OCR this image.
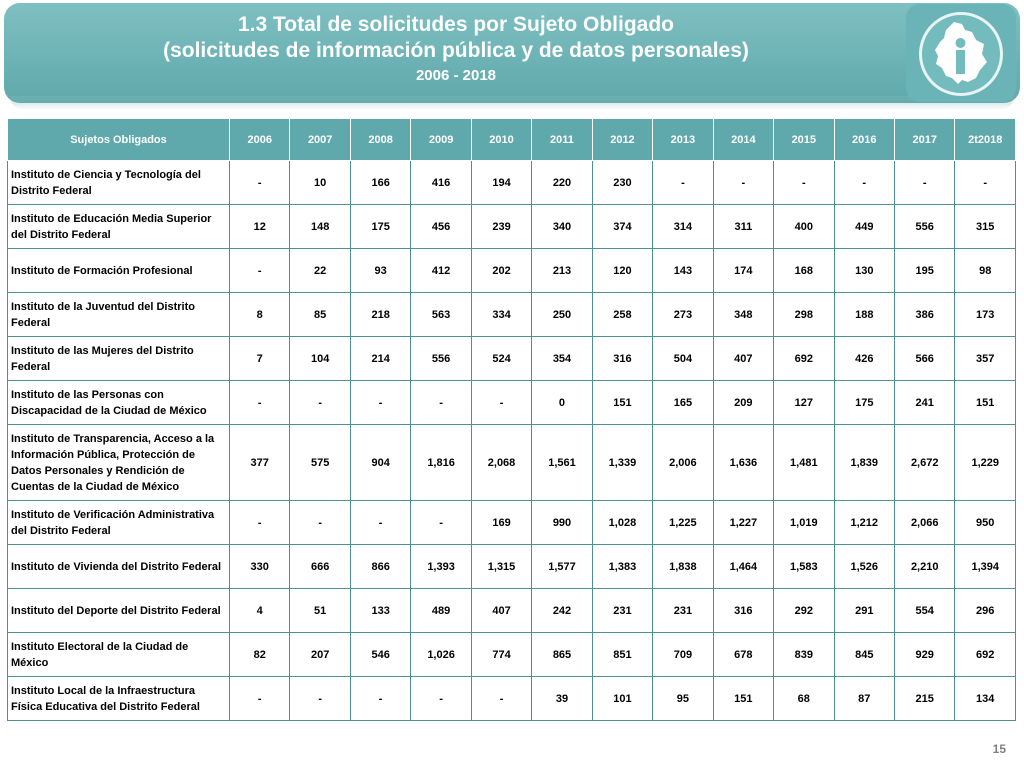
1.3 Total de solicitudes por Sujeto Obligado
(solicitudes de información pública y de datos personales)
2006 - 2018
Sujetos Obligados	2006	2007	2008	2009	2010	2011	2012	2013	2014	2015	2016	2017	2t2018
Instituto de Ciencia y Tecnología del Distrito Federal	-	10	166	416	194	220	230	-	-	-	-	-	-
Instituto de Educación Media Superior del Distrito Federal	12	148	175	456	239	340	374	314	311	400	449	556	315
Instituto de Formación Profesional	-	22	93	412	202	213	120	143	174	168	130	195	98
Instituto de la Juventud del Distrito Federal	8	85	218	563	334	250	258	273	348	298	188	386	173
Instituto de las Mujeres del Distrito Federal	7	104	214	556	524	354	316	504	407	692	426	566	357
Instituto de las Personas con Discapacidad de la Ciudad de México	-	-	-	-	-	0	151	165	209	127	175	241	151
Instituto de Transparencia, Acceso a la Información Pública, Protección de Datos Personales y Rendición de Cuentas de la Ciudad de México	377	575	904	1,816	2,068	1,561	1,339	2,006	1,636	1,481	1,839	2,672	1,229
Instituto de Verificación Administrativa del Distrito Federal	-	-	-	-	169	990	1,028	1,225	1,227	1,019	1,212	2,066	950
Instituto de Vivienda del Distrito Federal	330	666	866	1,393	1,315	1,577	1,383	1,838	1,464	1,583	1,526	2,210	1,394
Instituto del Deporte del Distrito Federal	4	51	133	489	407	242	231	231	316	292	291	554	296
Instituto Electoral de la Ciudad de México	82	207	546	1,026	774	865	851	709	678	839	845	929	692
Instituto Local de la Infraestructura Física Educativa del Distrito Federal	-	-	-	-	-	39	101	95	151	68	87	215	134
15
